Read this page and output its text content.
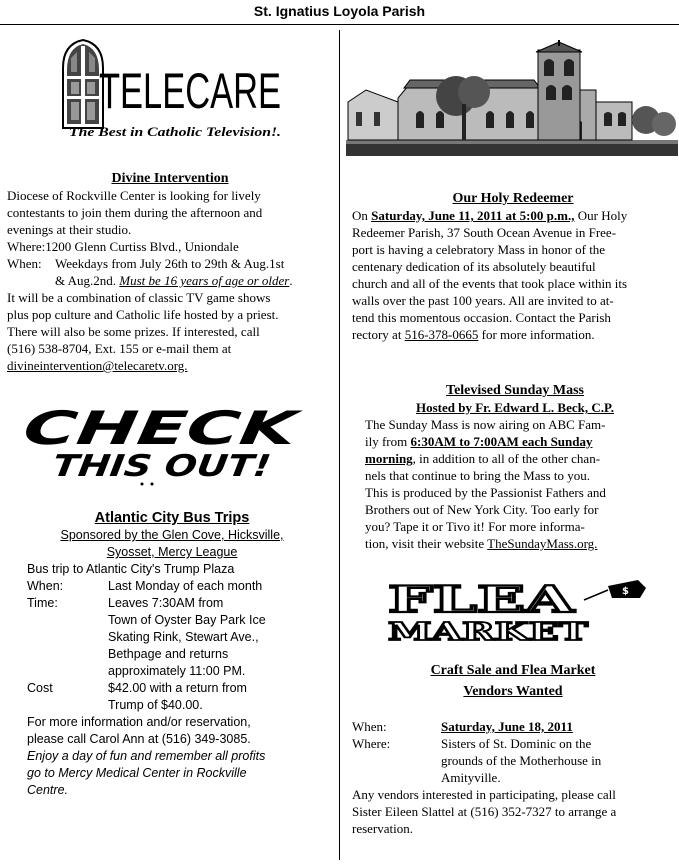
St. Ignatius Loyola Parish
TELECARE
The Best in Catholic Television!.
Divine Intervention
Diocese of Rockville Center is looking for lively
contestants to join them during the afternoon and
evenings at their studio.
Where: 1200 Glenn Curtiss Blvd., Uniondale
When:	Weekdays from July 26th to 29th & Aug.1st
& Aug.2nd. Must be 16 years of age or older.
It will be a combination of classic TV game shows
plus pop culture and Catholic life hosted by a priest.
There will also be some prizes. If interested, call
(516) 538-8704, Ext. 155 or e-mail them at
divineintervention@telecaretv.org.
CHECK
THIS OUT!
Atlantic City Bus Trips
Sponsored by the Glen Cove, Hicksville,
Syosset, Mercy League
Bus trip to Atlantic City's Trump Plaza
When:	Last Monday of each month
Time:	Leaves 7:30AM from
Town of Oyster Bay Park Ice
Skating Rink, Stewart Ave.,
Bethpage and returns
approximately 11:00 PM.
Cost	$42.00 with a return from
Trump of $40.00.
For more information and/or reservation,
please call Carol Ann at (516) 349-3085.
Enjoy a day of fun and remember all profits
go to Mercy Medical Center in Rockville
Centre.
Our Holy Redeemer
On Saturday, June 11, 2011 at 5:00 p.m., Our Holy
Redeemer Parish, 37 South Ocean Avenue in Free-
port is having a celebratory Mass in honor of the
centenary dedication of its absolutely beautiful
church and all of the events that took place within its
walls over the past 100 years. All are invited to at-
tend this momentous occasion. Contact the Parish
rectory at 516-378-0665 for more information.
Televised Sunday Mass
Hosted by Fr. Edward L. Beck, C.P.
The Sunday Mass is now airing on ABC Fam-
ily from 6:30AM to 7:00AM each Sunday
morning, in addition to all of the other chan-
nels that continue to bring the Mass to you.
This is produced by the Passionist Fathers and
Brothers out of New York City. Too early for
you? Tape it or Tivo it! For more informa-
tion, visit their website TheSundayMass.org.
FLEA
MARKET
$
Craft Sale and Flea Market
Vendors Wanted
When:	Saturday, June 18, 2011
Where:	Sisters of St. Dominic on the
grounds of the Motherhouse in
Amityville.
Any vendors interested in participating, please call
Sister Eileen Slattel at (516) 352-7327 to arrange a
reservation.
